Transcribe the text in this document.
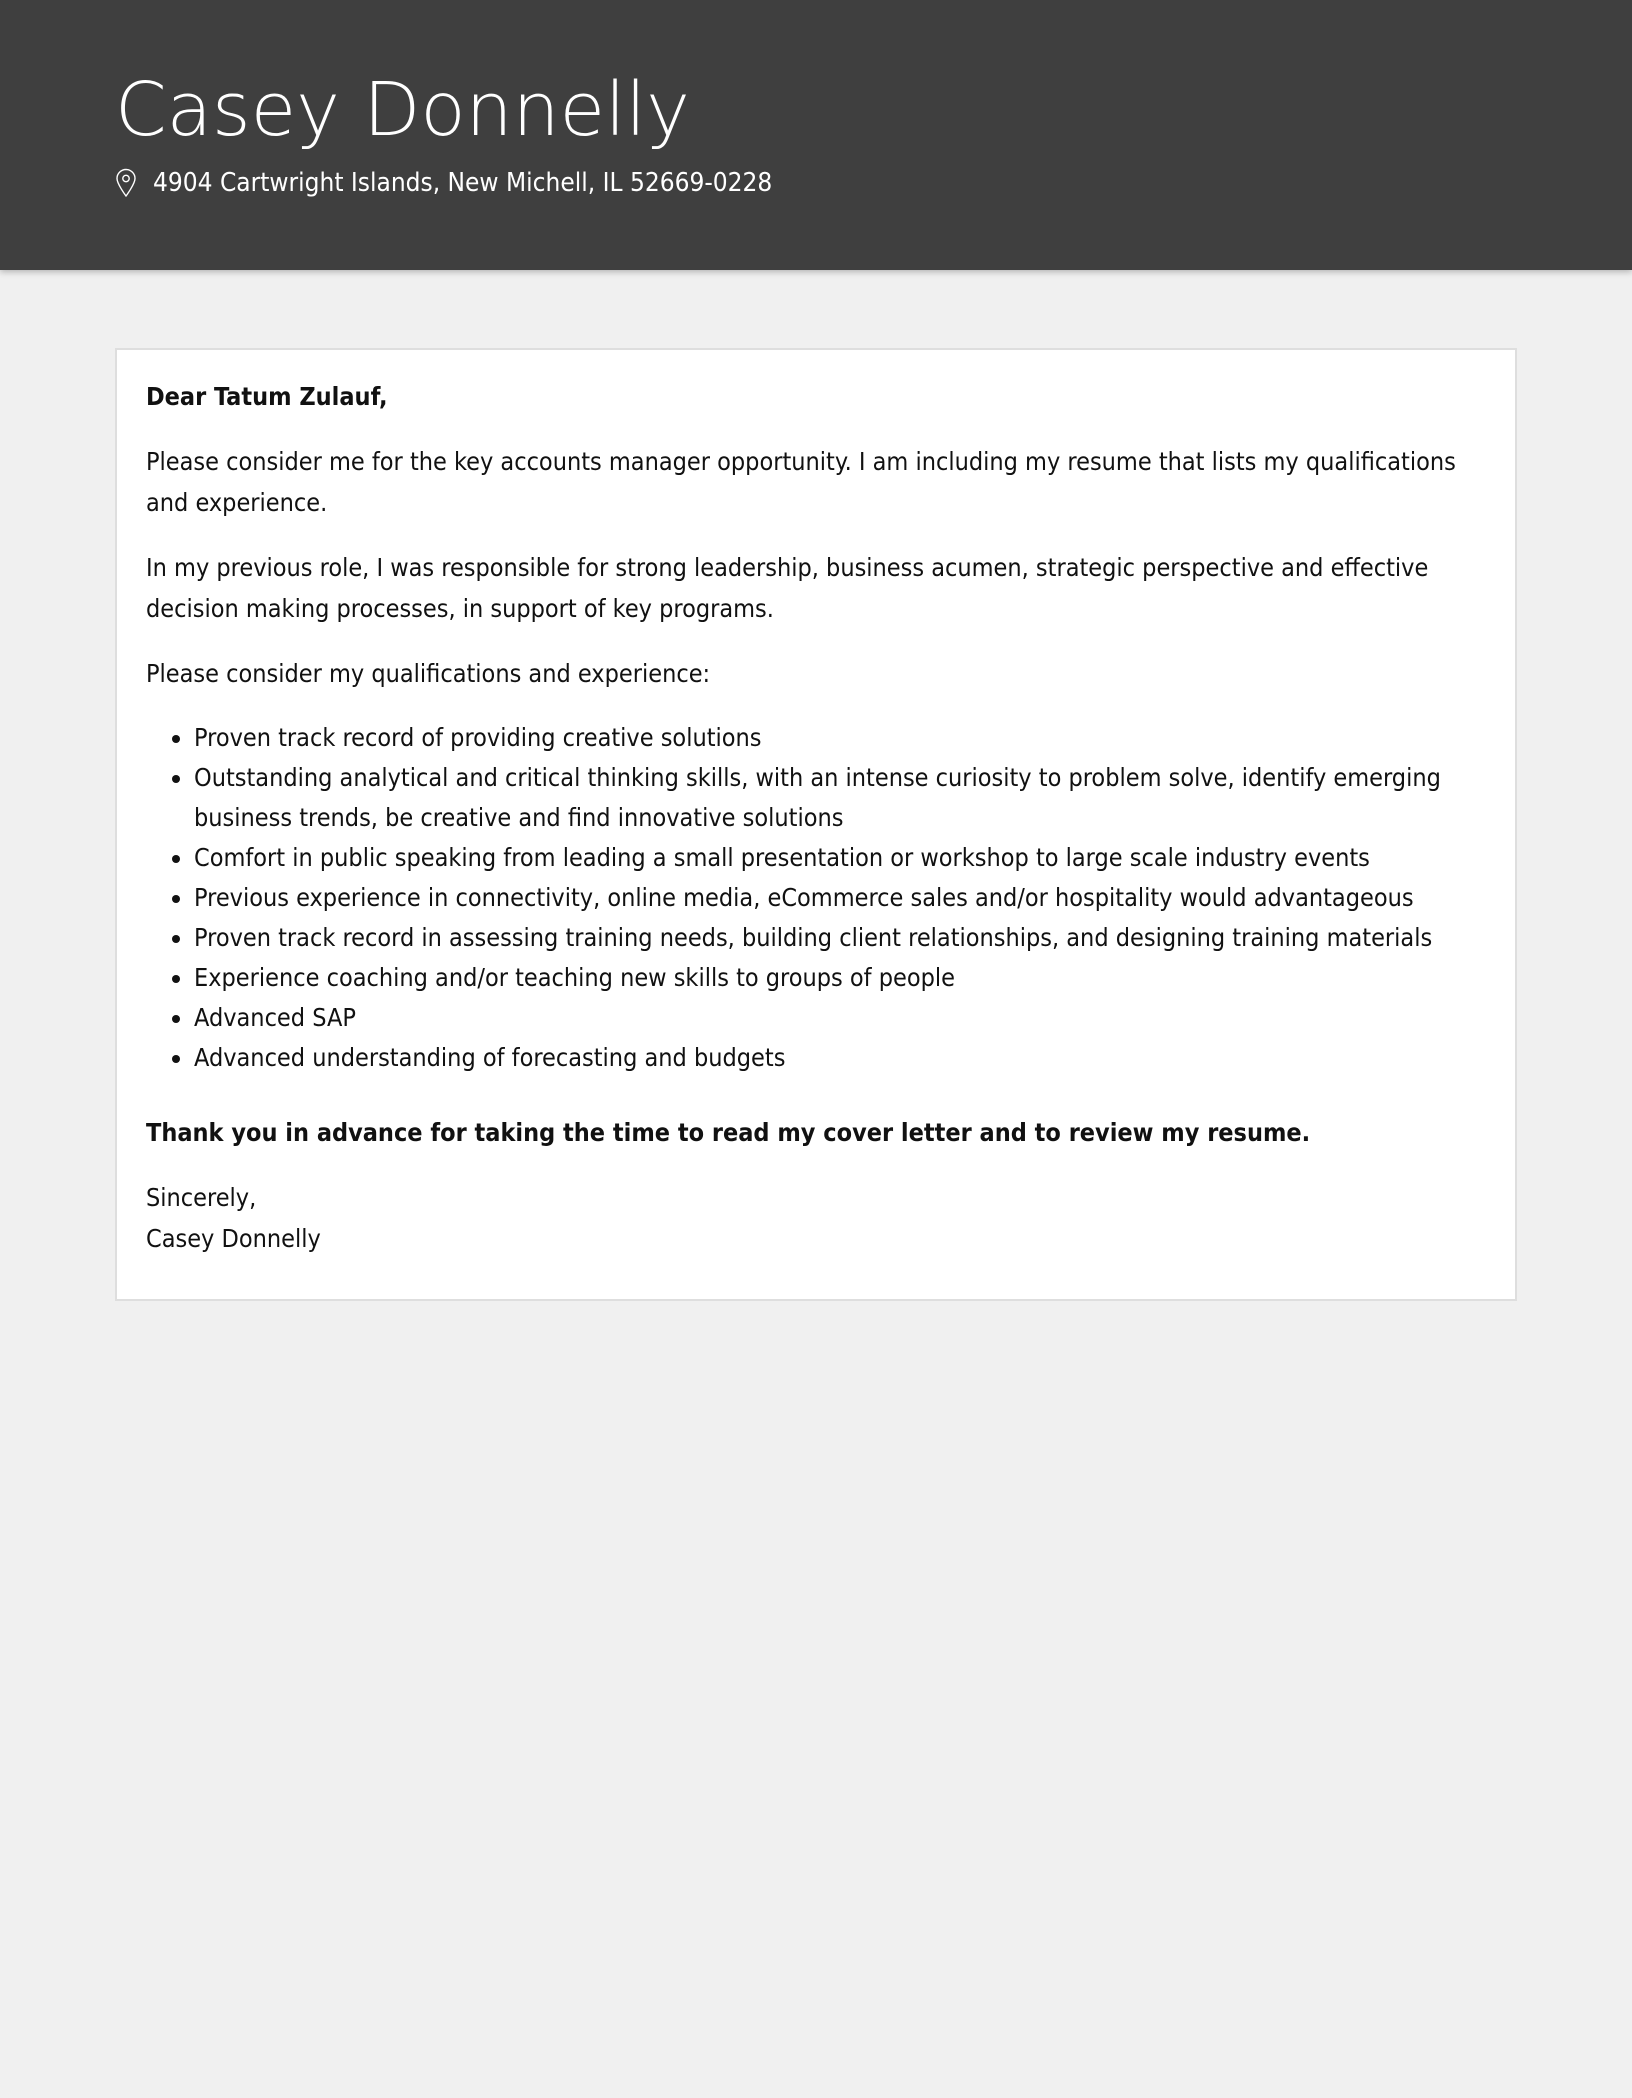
Casey Donnelly
4904 Cartwright Islands, New Michell, IL 52669-0228

Dear Tatum Zulauf,

Please consider me for the key accounts manager opportunity. I am including my resume that lists my qualifications and experience.

In my previous role, I was responsible for strong leadership, business acumen, strategic perspective and effective decision making processes, in support of key programs.

Please consider my qualifications and experience:

• Proven track record of providing creative solutions
• Outstanding analytical and critical thinking skills, with an intense curiosity to problem solve, identify emerging business trends, be creative and find innovative solutions
• Comfort in public speaking from leading a small presentation or workshop to large scale industry events
• Previous experience in connectivity, online media, eCommerce sales and/or hospitality would advantageous
• Proven track record in assessing training needs, building client relationships, and designing training materials
• Experience coaching and/or teaching new skills to groups of people
• Advanced SAP
• Advanced understanding of forecasting and budgets

Thank you in advance for taking the time to read my cover letter and to review my resume.

Sincerely,

Casey Donnelly
